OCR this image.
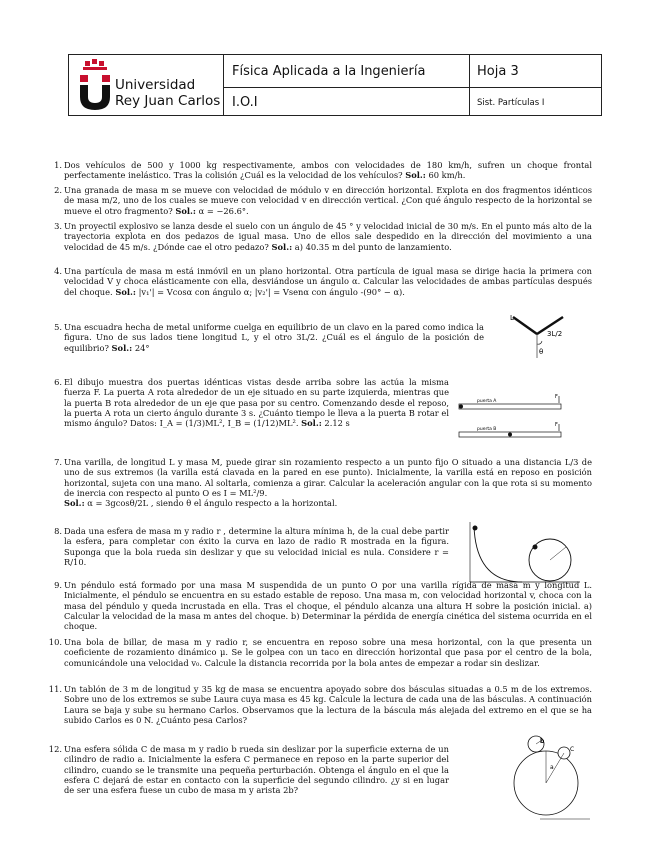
Universidad
Rey Juan Carlos
Física Aplicada a la Ingeniería
I.O.I
Hoja 3
Sist. Partículas I
1. Dos vehículos de 500 y 1000 kg respectivamente, ambos con velocidades de 180 km/h, sufren un choque frontal perfectamente inelástico. Tras la colisión ¿Cuál es la velocidad de los vehículos? Sol.: 60 km/h.
2. Una granada de masa m se mueve con velocidad de módulo v en dirección horizontal. Explota en dos fragmentos idénticos de masa m/2, uno de los cuales se mueve con velocidad v en dirección vertical. ¿Con qué ángulo respecto de la horizontal se mueve el otro fragmento? Sol.: α = −26.6°.
3. Un proyectil explosivo se lanza desde el suelo con un ángulo de 45 ° y velocidad inicial de 30 m/s. En el punto más alto de la trayectoria explota en dos pedazos de igual masa. Uno de ellos sale despedido en la dirección del movimiento a una velocidad de 45 m/s. ¿Dónde cae el otro pedazo? Sol.: a) 40.35 m del punto de lanzamiento.
4. Una partícula de masa m está inmóvil en un plano horizontal. Otra partícula de igual masa se dirige hacia la primera con velocidad V y choca elásticamente con ella, desviándose un ángulo α. Calcular las velocidades de ambas partículas después del choque. Sol.: |v₁'| = Vcosα con ángulo α; |v₂'| = Vsenα con ángulo -(90° − α).
5. Una escuadra hecha de metal uniforme cuelga en equilibrio de un clavo en la pared como indica la figura. Uno de sus lados tiene longitud L, y el otro 3L/2. ¿Cuál es el ángulo de la posición de equilibrio? Sol.: 24°
6. El dibujo muestra dos puertas idénticas vistas desde arriba sobre las actúa la misma fuerza F. La puerta A rota alrededor de un eje situado en su parte izquierda, mientras que la puerta B rota alrededor de un eje que pasa por su centro. Comenzando desde el reposo, la puerta A rota un cierto ángulo durante 3 s. ¿Cuánto tiempo le lleva a la puerta B rotar el mismo ángulo? Datos: I_A = (1/3)ML², I_B = (1/12)ML². Sol.: 2.12 s
7. Una varilla, de longitud L y masa M, puede girar sin rozamiento respecto a un punto fijo O situado a una distancia L/3 de uno de sus extremos (la varilla está clavada en la pared en ese punto). Inicialmente, la varilla está en reposo en posición horizontal, sujeta con una mano. Al soltarla, comienza a girar. Calcular la aceleración angular con la que rota si su momento de inercia con respecto al punto O es I = ML²/9.
Sol.: α = 3gcosθ/2L , siendo θ el ángulo respecto a la horizontal.
8. Dada una esfera de masa m y radio r , determine la altura mínima h, de la cual debe partir la esfera, para completar con éxito la curva en lazo de radio R mostrada en la figura. Suponga que la bola rueda sin deslizar y que su velocidad inicial es nula. Considere r = R/10.
9. Un péndulo está formado por una masa M suspendida de un punto O por una varilla rígida de masa m y longitud L. Inicialmente, el péndulo se encuentra en su estado estable de reposo. Una masa m, con velocidad horizontal v, choca con la masa del péndulo y queda incrustada en ella. Tras el choque, el péndulo alcanza una altura H sobre la posición inicial. a) Calcular la velocidad de la masa m antes del choque. b) Determinar la pérdida de energía cinética del sistema ocurrida en el choque.
10. Una bola de billar, de masa m y radio r, se encuentra en reposo sobre una mesa horizontal, con la que presenta un coeficiente de rozamiento dinámico μ. Se le golpea con un taco en dirección horizontal que pasa por el centro de la bola, comunicándole una velocidad v₀. Calcule la distancia recorrida por la bola antes de empezar a rodar sin deslizar.
11. Un tablón de 3 m de longitud y 35 kg de masa se encuentra apoyado sobre dos básculas situadas a 0.5 m de los extremos. Sobre uno de los extremos se sube Laura cuya masa es 45 kg. Calcule la lectura de cada una de las básculas. A continuación Laura se baja y sube su hermano Carlos. Observamos que la lectura de la báscula más alejada del extremo en el que se ha subido Carlos es 0 N. ¿Cuánto pesa Carlos?
12. Una esfera sólida C de masa m y radio b rueda sin deslizar por la superficie externa de un cilindro de radio a. Inicialmente la esfera C permanece en reposo en la parte superior del cilindro, cuando se le transmite una pequeña perturbación. Obtenga el ángulo en el que la esfera C dejará de estar en contacto con la superficie del segundo cilindro. ¿y si en lugar de ser una esfera fuese un cubo de masa m y arista 2b?
L
3L/2
θ
puerta A
F
puerta B
F
b
a
C
